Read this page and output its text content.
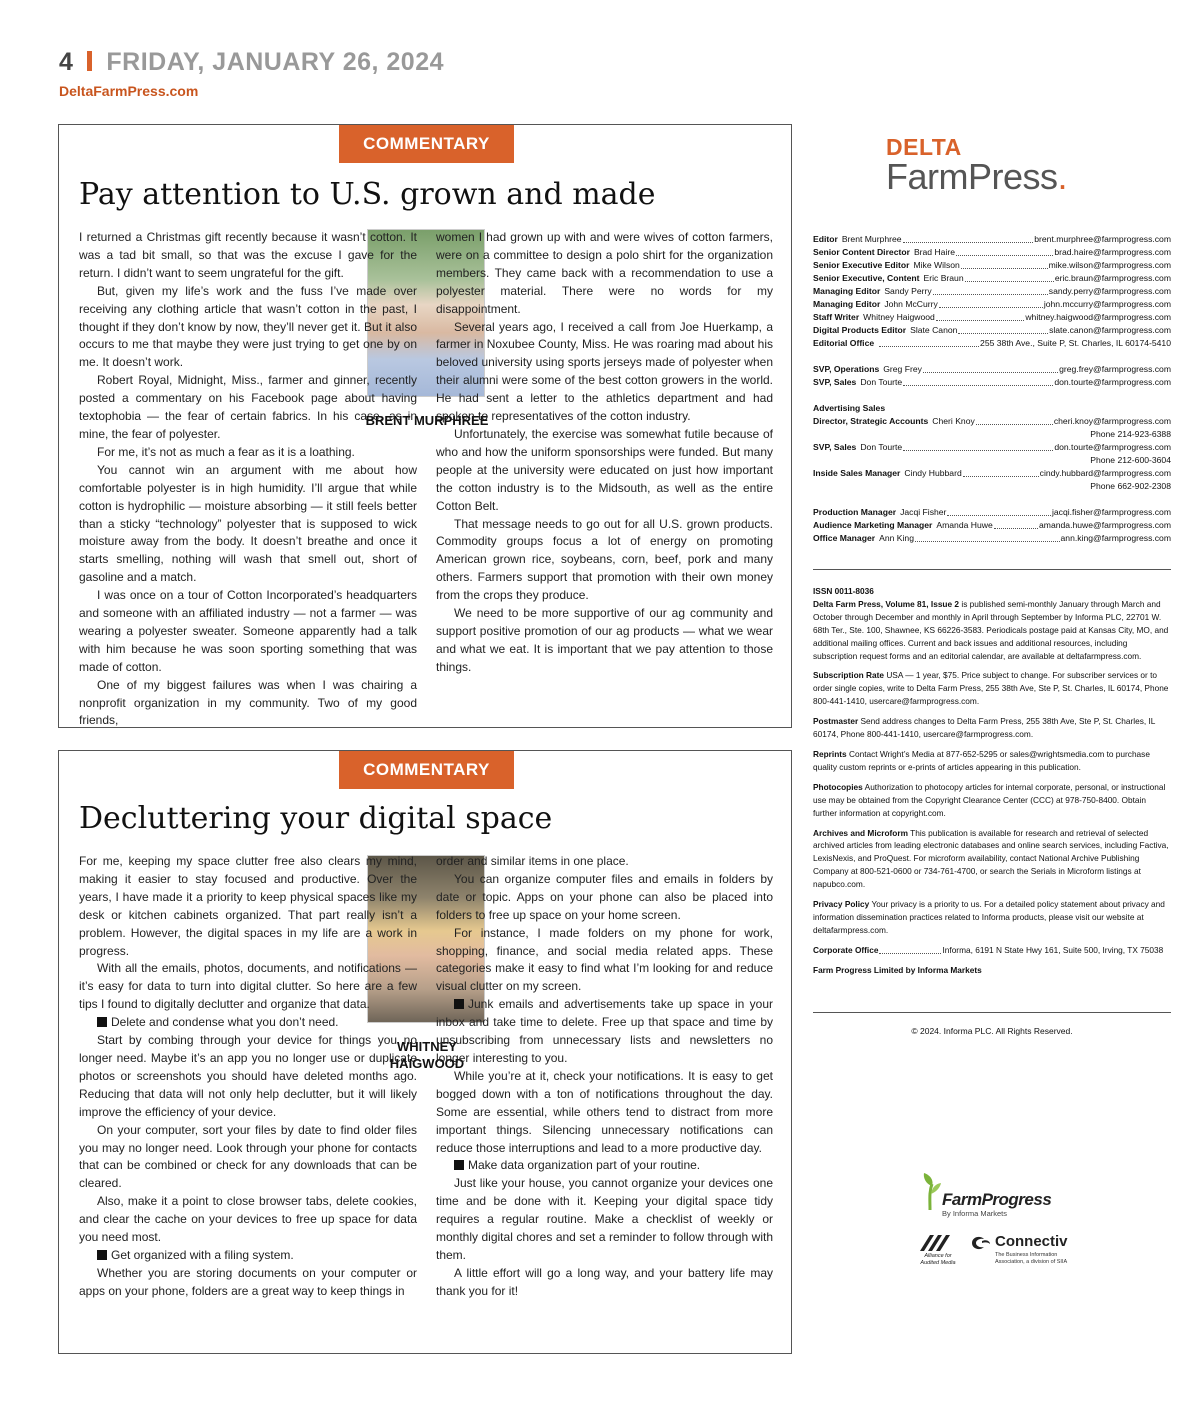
4 FRIDAY, JANUARY 26, 2024
DeltaFarmPress.com
COMMENTARY
Pay attention to U.S. grown and made
BRENT MURPHREE

I returned a Christmas gift recently because it wasn’t cotton. It was a tad bit small, so that was the excuse I gave for the return. I didn’t want to seem ungrateful for the gift.

But, given my life’s work and the fuss I’ve made over receiving any clothing article that wasn’t cotton in the past, I thought if they don’t know by now, they’ll never get it. But it also occurs to me that maybe they were just trying to get one by on me. It doesn’t work.

Robert Royal, Midnight, Miss., farmer and ginner, recently posted a commentary on his Facebook page about having textophobia — the fear of certain fabrics. In his case, as in mine, the fear of polyester.

For me, it’s not as much a fear as it is a loathing.

You cannot win an argument with me about how comfortable polyester is in high humidity. I’ll argue that while cotton is hydrophilic — moisture absorbing — it still feels better than a sticky “technology” polyester that is supposed to wick moisture away from the body. It doesn’t breathe and once it starts smelling, nothing will wash that smell out, short of gasoline and a match.

I was once on a tour of Cotton Incorporated’s headquarters and someone with an affiliated industry — not a farmer — was wearing a polyester sweater. Someone apparently had a talk with him because he was soon sporting something that was made of cotton.

One of my biggest failures was when I was chairing a nonprofit organization in my community. Two of my good friends,

women I had grown up with and were wives of cotton farmers, were on a committee to design a polo shirt for the organization members. They came back with a recommendation to use a polyester material. There were no words for my disappointment.

Several years ago, I received a call from Joe Huerkamp, a farmer in Noxubee County, Miss. He was roaring mad about his beloved university using sports jerseys made of polyester when their alumni were some of the best cotton growers in the world. He had sent a letter to the athletics department and had spoken to representatives of the cotton industry.

Unfortunately, the exercise was somewhat futile because of who and how the uniform sponsorships were funded. But many people at the university were educated on just how important the cotton industry is to the Midsouth, as well as the entire Cotton Belt.

That message needs to go out for all U.S. grown products. Commodity groups focus a lot of energy on promoting American grown rice, soybeans, corn, beef, pork and many others. Farmers support that promotion with their own money from the crops they produce.

We need to be more supportive of our ag community and support positive promotion of our ag products — what we wear and what we eat. It is important that we pay attention to those things.

COMMENTARY
Decluttering your digital space
WHITNEY
HAIGWOOD

For me, keeping my space clutter free also clears my mind, making it easier to stay focused and productive. Over the years, I have made it a priority to keep physical spaces like my desk or kitchen cabinets organized. That part really isn’t a problem. However, the digital spaces in my life are a work in progress.

With all the emails, photos, documents, and notifications — it’s easy for data to turn into digital clutter. So here are a few tips I found to digitally declutter and organize that data.

Delete and condense what you don’t need.

Start by combing through your device for things you no longer need. Maybe it’s an app you no longer use or duplicate photos or screenshots you should have deleted months ago. Reducing that data will not only help declutter, but it will likely improve the efficiency of your device.

On your computer, sort your files by date to find older files you may no longer need. Look through your phone for contacts that can be combined or check for any downloads that can be cleared.

Also, make it a point to close browser tabs, delete cookies, and clear the cache on your devices to free up space for data you need most.

Get organized with a filing system.

Whether you are storing documents on your computer or apps on your phone, folders are a great way to keep things in

order and similar items in one place.

You can organize computer files and emails in folders by date or topic. Apps on your phone can also be placed into folders to free up space on your home screen.

For instance, I made folders on my phone for work, shopping, finance, and social media related apps. These categories make it easy to find what I’m looking for and reduce visual clutter on my screen.

Junk emails and advertisements take up space in your inbox and take time to delete. Free up that space and time by unsubscribing from unnecessary lists and newsletters no longer interesting to you.

While you’re at it, check your notifications. It is easy to get bogged down with a ton of notifications throughout the day. Some are essential, while others tend to distract from more important things. Silencing unnecessary notifications can reduce those interruptions and lead to a more productive day.

Make data organization part of your routine.

Just like your house, you cannot organize your devices one time and be done with it. Keeping your digital space tidy requires a regular routine. Make a checklist of weekly or monthly digital chores and set a reminder to follow through with them.

A little effort will go a long way, and your battery life may thank you for it!

DELTA
FarmPress.
Editor Brent Murphree	brent.murphree@farmprogress.com
Senior Content Director Brad Haire	brad.haire@farmprogress.com
Senior Executive Editor Mike Wilson	mike.wilson@farmprogress.com
Senior Executive, Content Eric Braun	eric.braun@farmprogress.com
Managing Editor Sandy Perry	sandy.perry@farmprogress.com
Managing Editor John McCurry	john.mccurry@farmprogress.com
Staff Writer Whitney Haigwood	whitney.haigwood@farmprogress.com
Digital Products Editor Slate Canon	slate.canon@farmprogress.com
Editorial Office	255 38th Ave., Suite P, St. Charles, IL 60174-5410
SVP, Operations Greg Frey	greg.frey@farmprogress.com
SVP, Sales Don Tourte	don.tourte@farmprogress.com
Advertising Sales
Director, Strategic Accounts Cheri Knoy	cheri.knoy@farmprogress.com
Phone 214-923-6388
SVP, Sales Don Tourte	don.tourte@farmprogress.com
Phone 212-600-3604
Inside Sales Manager Cindy Hubbard	cindy.hubbard@farmprogress.com
Phone 662-902-2308
Production Manager Jacqi Fisher	jacqi.fisher@farmprogress.com
Audience Marketing Manager Amanda Huwe	amanda.huwe@farmprogress.com
Office Manager Ann King	ann.king@farmprogress.com

ISSN 0011-8036
Delta Farm Press, Volume 81, Issue 2 is published semi-monthly January through March and October through December and monthly in April through September by Informa PLC, 22701 W. 68th Ter., Ste. 100, Shawnee, KS 66226-3583. Periodicals postage paid at Kansas City, MO, and additional mailing offices. Current and back issues and additional resources, including subscription request forms and an editorial calendar, are available at deltafarmpress.com.

Subscription Rate USA — 1 year, $75. Price subject to change. For subscriber services or to order single copies, write to Delta Farm Press, 255 38th Ave, Ste P, St. Charles, IL 60174, Phone 800-441-1410, usercare@farmprogress.com.

Postmaster Send address changes to Delta Farm Press, 255 38th Ave, Ste P, St. Charles, IL 60174, Phone 800-441-1410, usercare@farmprogress.com.

Reprints Contact Wright’s Media at 877-652-5295 or sales@wrightsmedia.com to purchase quality custom reprints or e-prints of articles appearing in this publication.

Photocopies Authorization to photocopy articles for internal corporate, personal, or instructional use may be obtained from the Copyright Clearance Center (CCC) at 978-750-8400. Obtain further information at copyright.com.

Archives and Microform This publication is available for research and retrieval of selected archived articles from leading electronic databases and online search services, including Factiva, LexisNexis, and ProQuest. For microform availability, contact National Archive Publishing Company at 800-521-0600 or 734-761-4700, or search the Serials in Microform listings at napubco.com.

Privacy Policy Your privacy is a priority to us. For a detailed policy statement about privacy and information dissemination practices related to Informa products, please visit our website at deltafarmpress.com.

Corporate Office	Informa, 6191 N State Hwy 161, Suite 500, Irving, TX 75038

Farm Progress Limited by Informa Markets

© 2024. Informa PLC. All Rights Reserved.
FarmProgress
By Informa Markets
Alliance for
Audited Media
Connectiv
The Business Information
Association, a division of SIIA
